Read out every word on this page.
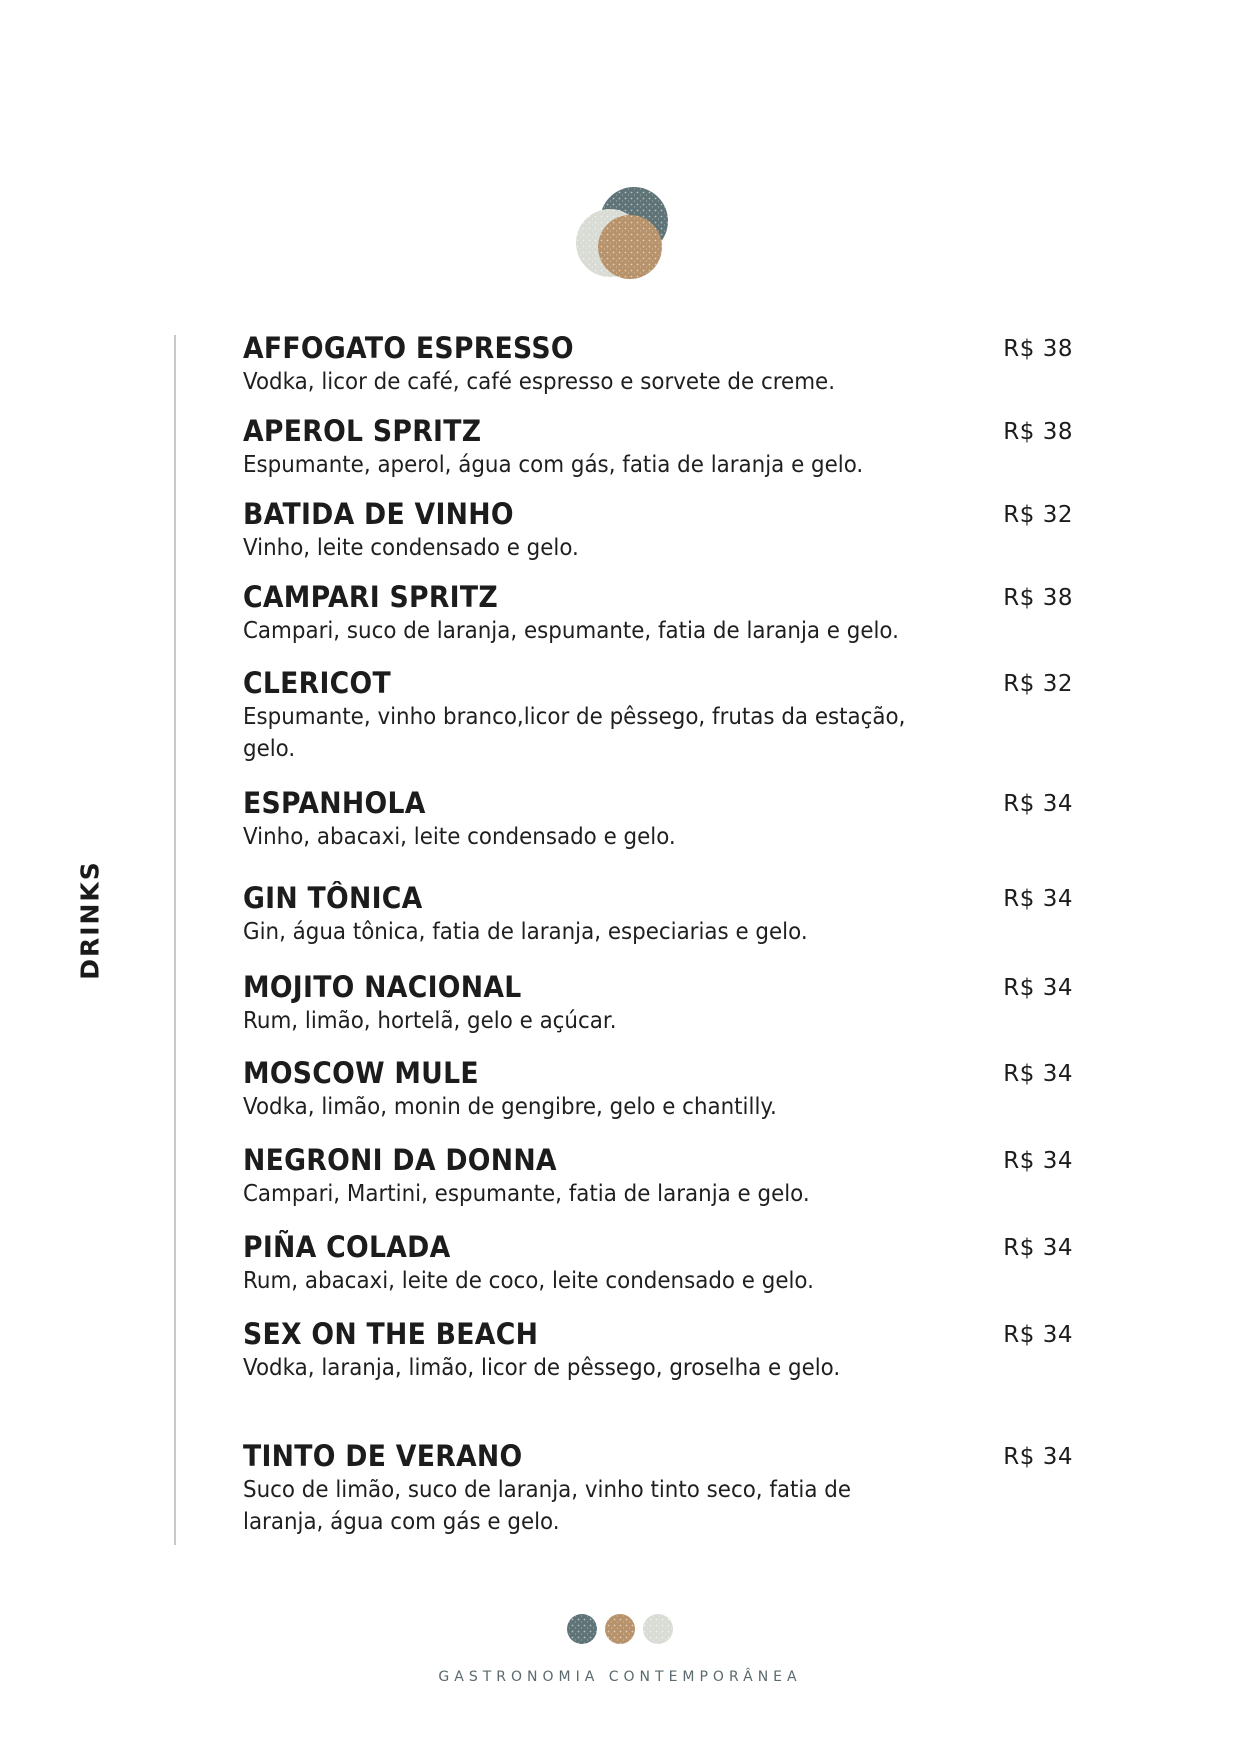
DRINKS
AFFOGATO ESPRESSO	R$ 38
Vodka, licor de café, café espresso e sorvete de creme.
APEROL SPRITZ	R$ 38
Espumante, aperol, água com gás, fatia de laranja e gelo.
BATIDA DE VINHO	R$ 32
Vinho, leite condensado e gelo.
CAMPARI SPRITZ	R$ 38
Campari, suco de laranja, espumante, fatia de laranja e gelo.
CLERICOT	R$ 32
Espumante, vinho branco,licor de pêssego, frutas da estação, gelo.
ESPANHOLA	R$ 34
Vinho, abacaxi, leite condensado e gelo.
GIN TÔNICA	R$ 34
Gin, água tônica, fatia de laranja, especiarias e gelo.
MOJITO NACIONAL	R$ 34
Rum, limão, hortelã, gelo e açúcar.
MOSCOW MULE	R$ 34
Vodka, limão, monin de gengibre, gelo e chantilly.
NEGRONI DA DONNA	R$ 34
Campari, Martini, espumante, fatia de laranja e gelo.
PIÑA COLADA	R$ 34
Rum, abacaxi, leite de coco, leite condensado e gelo.
SEX ON THE BEACH	R$ 34
Vodka, laranja, limão, licor de pêssego, groselha e gelo.
TINTO DE VERANO	R$ 34
Suco de limão, suco de laranja, vinho tinto seco, fatia de laranja, água com gás e gelo.
GASTRONOMIA CONTEMPORÂNEA
